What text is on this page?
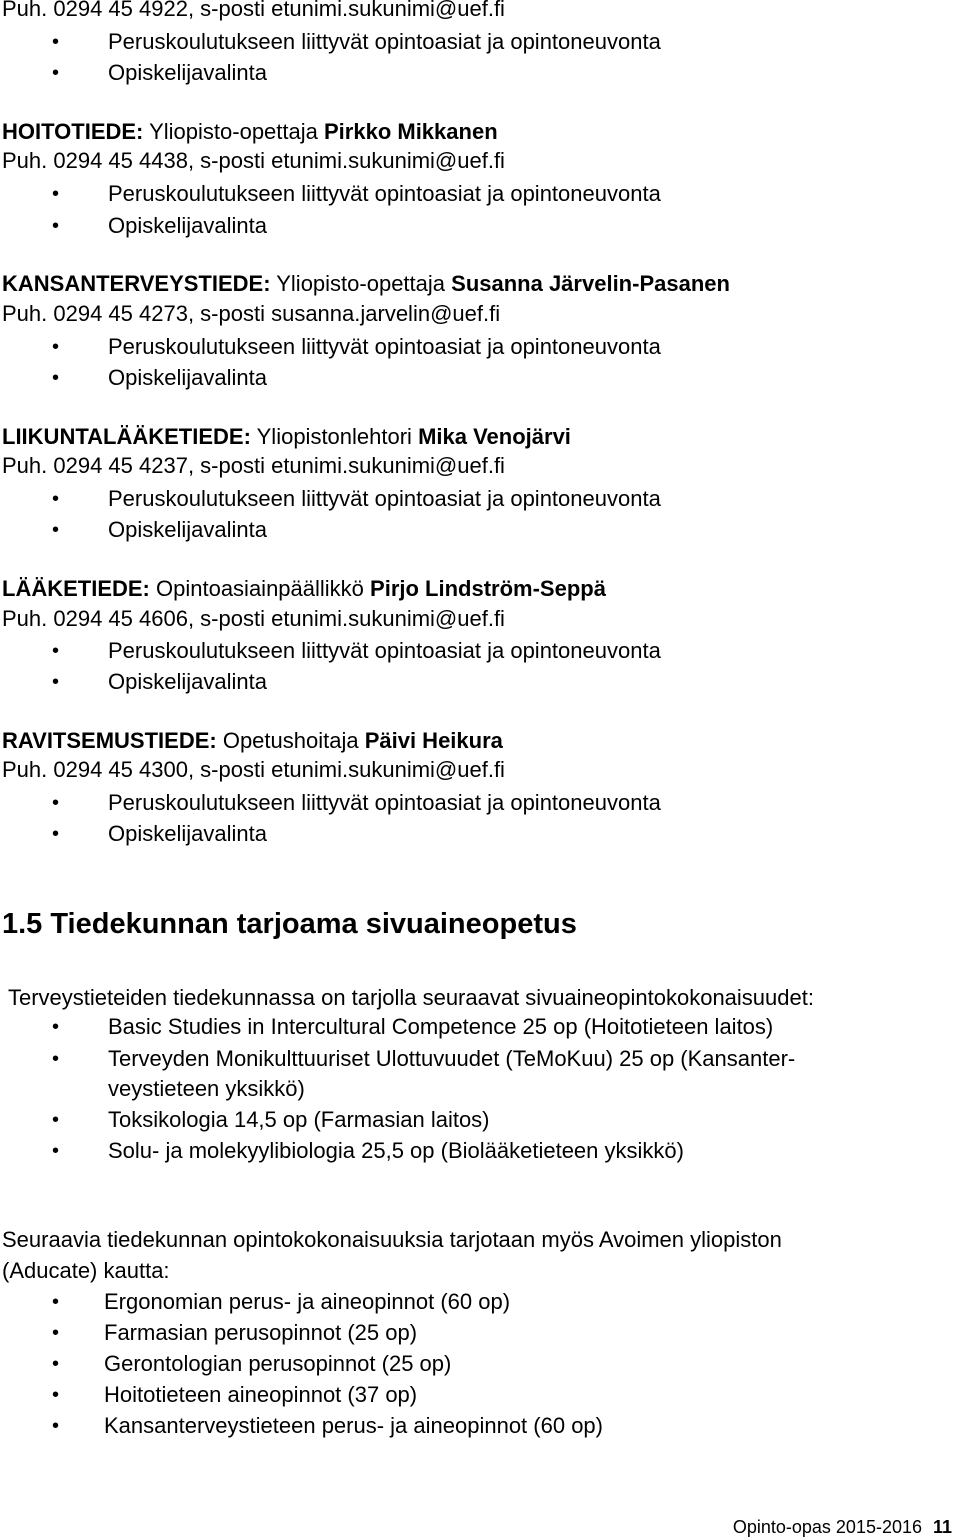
Puh. 0294 45 4922, s-posti etunimi.sukunimi@uef.fi
• Peruskoulutukseen liittyvät opintoasiat ja opintoneuvonta
• Opiskelijavalinta
HOITOTIEDE: Yliopisto-opettaja Pirkko Mikkanen
Puh. 0294 45 4438, s-posti etunimi.sukunimi@uef.fi
• Peruskoulutukseen liittyvät opintoasiat ja opintoneuvonta
• Opiskelijavalinta
KANSANTERVEYSTIEDE: Yliopisto-opettaja Susanna Järvelin-Pasanen
Puh. 0294 45 4273, s-posti susanna.jarvelin@uef.fi
• Peruskoulutukseen liittyvät opintoasiat ja opintoneuvonta
• Opiskelijavalinta
LIIKUNTALÄÄKETIEDE: Yliopistonlehtori Mika Venojärvi
Puh. 0294 45 4237, s-posti etunimi.sukunimi@uef.fi
• Peruskoulutukseen liittyvät opintoasiat ja opintoneuvonta
• Opiskelijavalinta
LÄÄKETIEDE: Opintoasiainpäällikkö Pirjo Lindström-Seppä
Puh. 0294 45 4606, s-posti etunimi.sukunimi@uef.fi
• Peruskoulutukseen liittyvät opintoasiat ja opintoneuvonta
• Opiskelijavalinta
RAVITSEMUSTIEDE: Opetushoitaja Päivi Heikura
Puh. 0294 45 4300, s-posti etunimi.sukunimi@uef.fi
• Peruskoulutukseen liittyvät opintoasiat ja opintoneuvonta
• Opiskelijavalinta
1.5 Tiedekunnan tarjoama sivuaineopetus
Terveystieteiden tiedekunnassa on tarjolla seuraavat sivuaineopintokokonaisuudet:
• Basic Studies in Intercultural Competence 25 op (Hoitotieteen laitos)
• Terveyden Monikulttuuriset Ulottuvuudet (TeMoKuu) 25 op (Kansanter-
veystieteen yksikkö)
• Toksikologia 14,5 op (Farmasian laitos)
• Solu- ja molekyylibiologia 25,5 op (Biolääketieteen yksikkö)
Seuraavia tiedekunnan opintokokonaisuuksia tarjotaan myös Avoimen yliopiston
(Aducate) kautta:
• Ergonomian perus- ja aineopinnot (60 op)
• Farmasian perusopinnot (25 op)
• Gerontologian perusopinnot (25 op)
• Hoitotieteen aineopinnot (37 op)
• Kansanterveystieteen perus- ja aineopinnot (60 op)
Opinto-opas 2015-2016 11
